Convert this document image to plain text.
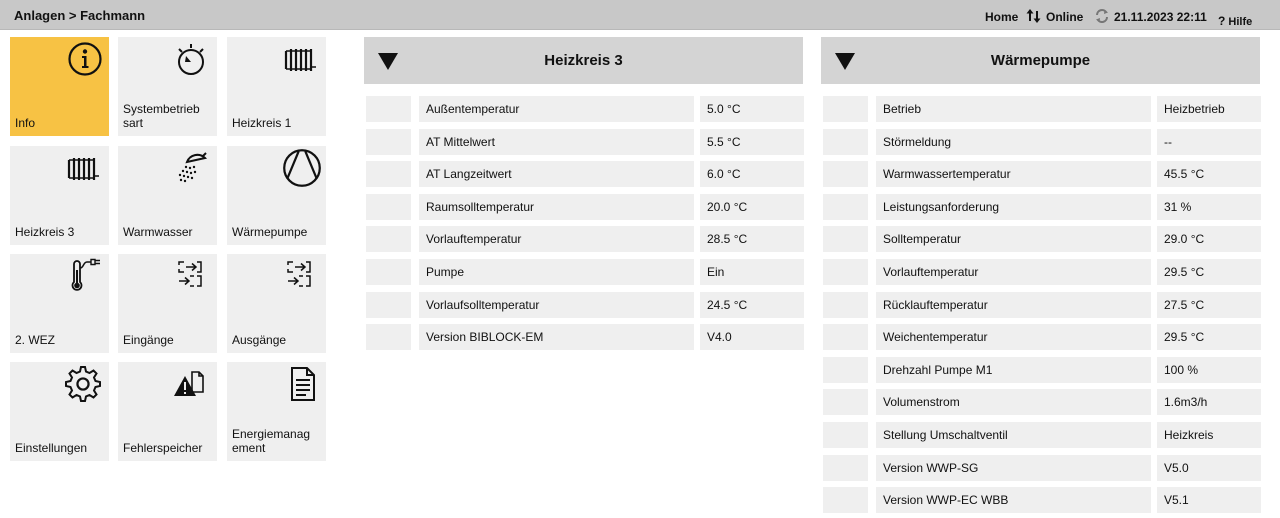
Anlagen > Fachmann	Home Online	21.11.2023 22:11 ? Hilfe
Info
Systembetrieb sart	Heizkreis 1
Heizkreis 3	Warmwasser	Wärmepumpe
2. WEZ	Eingänge	Ausgänge
Einstellungen	Fehlerspeicher
Energiemanag ement
Heizkreis 3
Außentemperatur	5.0 °C
AT Mittelwert	5.5 °C
AT Langzeitwert	6.0 °C
Raumsolltemperatur	20.0 °C
Vorlauftemperatur	28.5 °C
Pumpe	Ein
Vorlaufsolltemperatur	24.5 °C
Version BIBLOCK-EM	V4.0
Wärmepumpe
Betrieb	Heizbetrieb
Störmeldung	--
Warmwassertemperatur	45.5 °C
Leistungsanforderung	31 %
Solltemperatur	29.0 °C
Vorlauftemperatur	29.5 °C
Rücklauftemperatur	27.5 °C
Weichentemperatur	29.5 °C
Drehzahl Pumpe M1	100 %
Volumenstrom	1.6m3/h
Stellung Umschaltventil	Heizkreis
Version WWP-SG	V5.0
Version WWP-EC WBB	V5.1
